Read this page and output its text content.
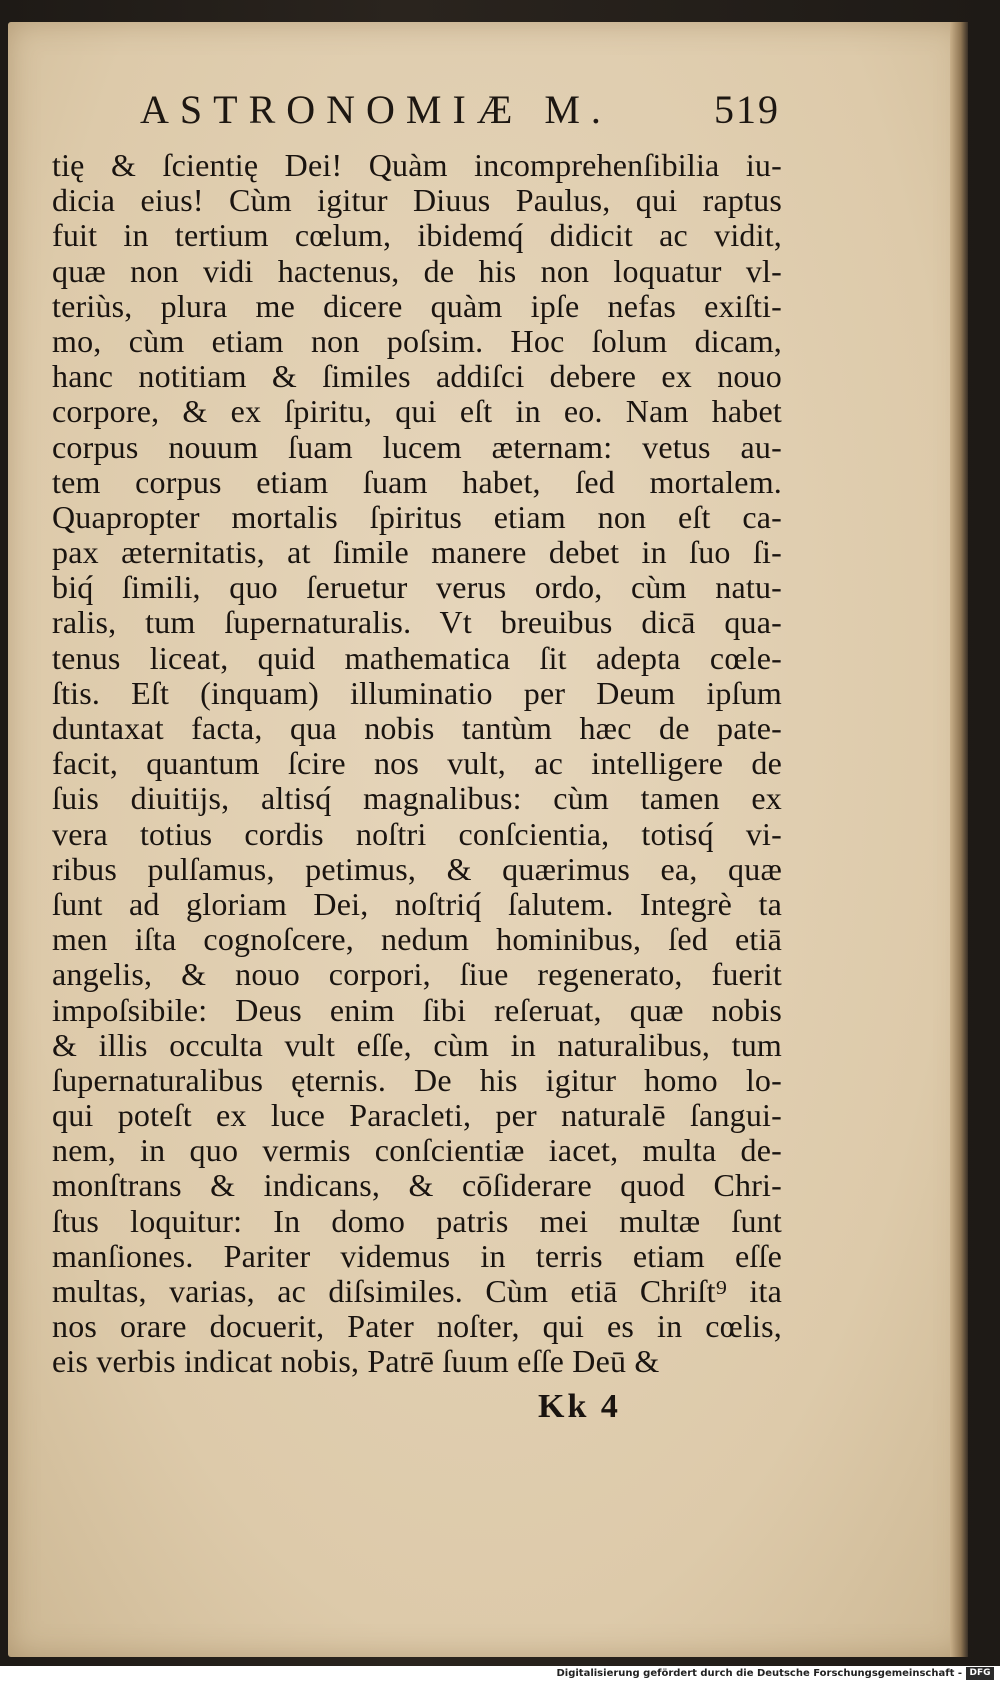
ASTRONOMIÆ M.	519
tię & ſcientię Dei! Quàm incomprehenſibilia iu-
dicia eius! Cùm igitur Diuus Paulus, qui raptus
fuit in tertium cœlum, ibidemq́ didicit ac vidit,
quæ non vidi hactenus, de his non loquatur vl-
teriùs, plura me dicere quàm ipſe nefas exiſti-
mo, cùm etiam non poſsim. Hoc ſolum dicam,
hanc notitiam & ſimiles addiſci debere ex nouo
corpore, & ex ſpiritu, qui eſt in eo. Nam habet
corpus nouum ſuam lucem æternam: vetus au-
tem corpus etiam ſuam habet, ſed mortalem.
Quapropter mortalis ſpiritus etiam non eſt ca-
pax æternitatis, at ſimile manere debet in ſuo ſi-
biq́ ſimili, quo ſeruetur verus ordo, cùm natu-
ralis, tum ſupernaturalis. Vt breuibus dicā qua-
tenus liceat, quid mathematica ſit adepta cœle-
ſtis. Eſt (inquam) illuminatio per Deum ipſum
duntaxat facta, qua nobis tantùm hæc de pate-
facit, quantum ſcire nos vult, ac intelligere de
ſuis diuitijs, altisq́ magnalibus: cùm tamen ex
vera totius cordis noſtri conſcientia, totisq́ vi-
ribus pulſamus, petimus, & quærimus ea, quæ
ſunt ad gloriam Dei, noſtriq́ ſalutem. Integrè ta
men iſta cognoſcere, nedum hominibus, ſed etiā
angelis, & nouo corpori, ſiue regenerato, fuerit
impoſsibile: Deus enim ſibi reſeruat, quæ nobis
& illis occulta vult eſſe, cùm in naturalibus, tum
ſupernaturalibus ęternis. De his igitur homo lo-
qui poteſt ex luce Paracleti, per naturalē ſangui-
nem, in quo vermis conſcientiæ iacet, multa de-
monſtrans & indicans, & cōſiderare quod Chri-
ſtus loquitur: In domo patris mei multæ ſunt
manſiones. Pariter videmus in terris etiam eſſe
multas, varias, ac diſsimiles. Cùm etiā Chriſt⁹ ita
nos orare docuerit, Pater noſter, qui es in cœlis,
eis verbis indicat nobis, Patrē ſuum eſſe Deū &
Kk 4
Digitalisierung gefördert durch die Deutsche Forschungsgemeinschaft - DFG
